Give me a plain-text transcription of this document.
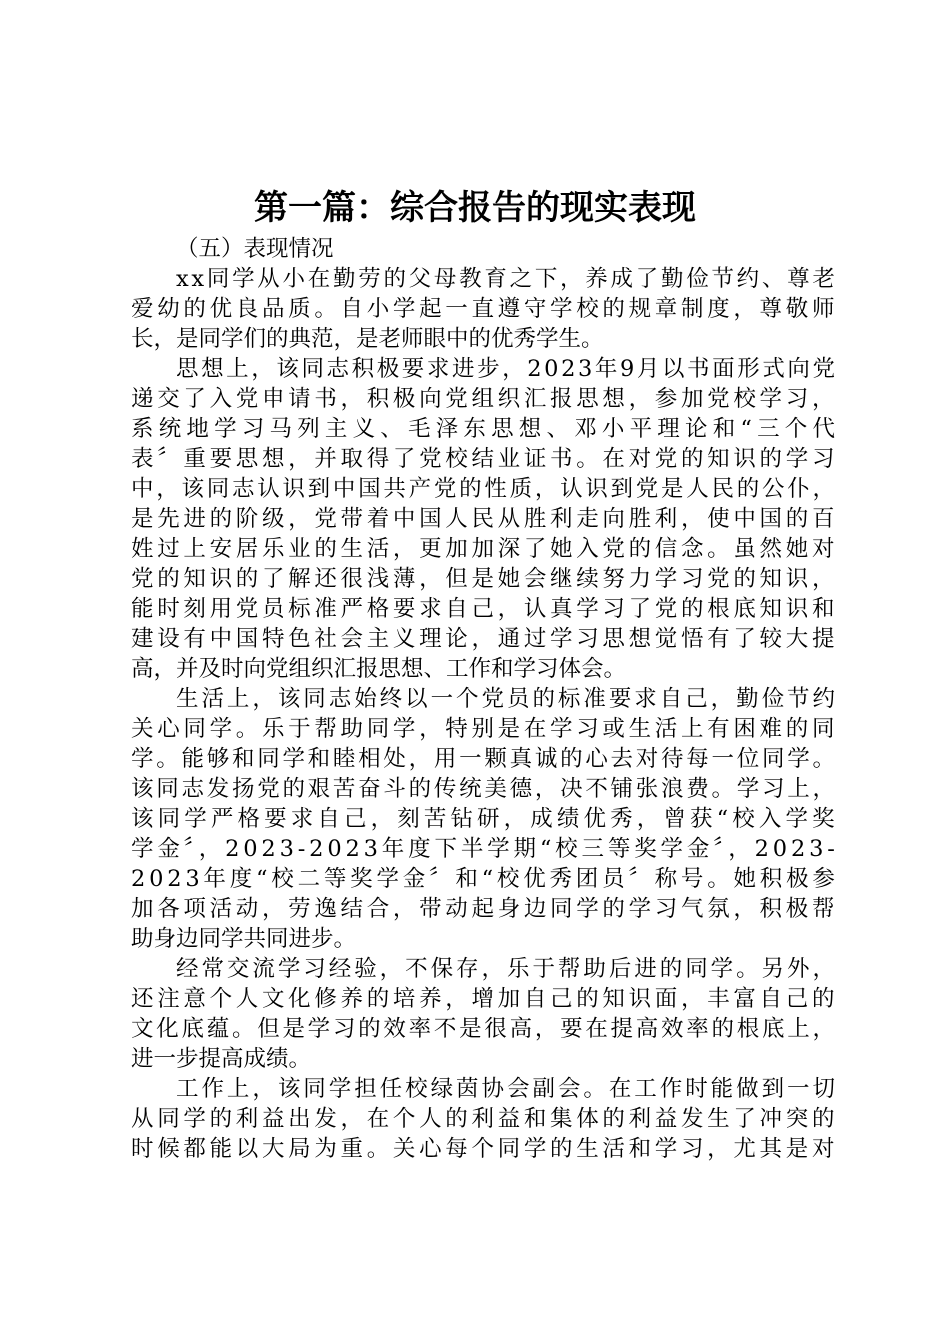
第一篇：综合报告的现实表现
（五）表现情况
xx同学从小在勤劳的父母教育之下，养成了勤俭节约、尊老
爱幼的优良品质。自小学起一直遵守学校的规章制度，尊敬师
长，是同学们的典范，是老师眼中的优秀学生。
思想上，该同志积极要求进步，2023年9月以书面形式向党
递交了入党申请书，积极向党组织汇报思想，参加党校学习，
系统地学习马列主义、毛泽东思想、邓小平理论和“三个代
表〞重要思想，并取得了党校结业证书。在对党的知识的学习
中，该同志认识到中国共产党的性质，认识到党是人民的公仆，
是先进的阶级，党带着中国人民从胜利走向胜利，使中国的百
姓过上安居乐业的生活，更加加深了她入党的信念。虽然她对
党的知识的了解还很浅薄，但是她会继续努力学习党的知识，
能时刻用党员标准严格要求自己，认真学习了党的根底知识和
建设有中国特色社会主义理论，通过学习思想觉悟有了较大提
高，并及时向党组织汇报思想、工作和学习体会。
生活上，该同志始终以一个党员的标准要求自己，勤俭节约
关心同学。乐于帮助同学，特别是在学习或生活上有困难的同
学。能够和同学和睦相处，用一颗真诚的心去对待每一位同学。
该同志发扬党的艰苦奋斗的传统美德，决不铺张浪费。学习上，
该同学严格要求自己，刻苦钻研，成绩优秀，曾获“校入学奖
学金〞，2023-2023年度下半学期“校三等奖学金〞，2023-
2023年度“校二等奖学金〞和“校优秀团员〞称号。她积极参
加各项活动，劳逸结合，带动起身边同学的学习气氛，积极帮
助身边同学共同进步。
经常交流学习经验，不保存，乐于帮助后进的同学。另外，
还注意个人文化修养的培养，增加自己的知识面，丰富自己的
文化底蕴。但是学习的效率不是很高，要在提高效率的根底上，
进一步提高成绩。
工作上，该同学担任校绿茵协会副会。在工作时能做到一切
从同学的利益出发，在个人的利益和集体的利益发生了冲突的
时候都能以大局为重。关心每个同学的生活和学习，尤其是对
